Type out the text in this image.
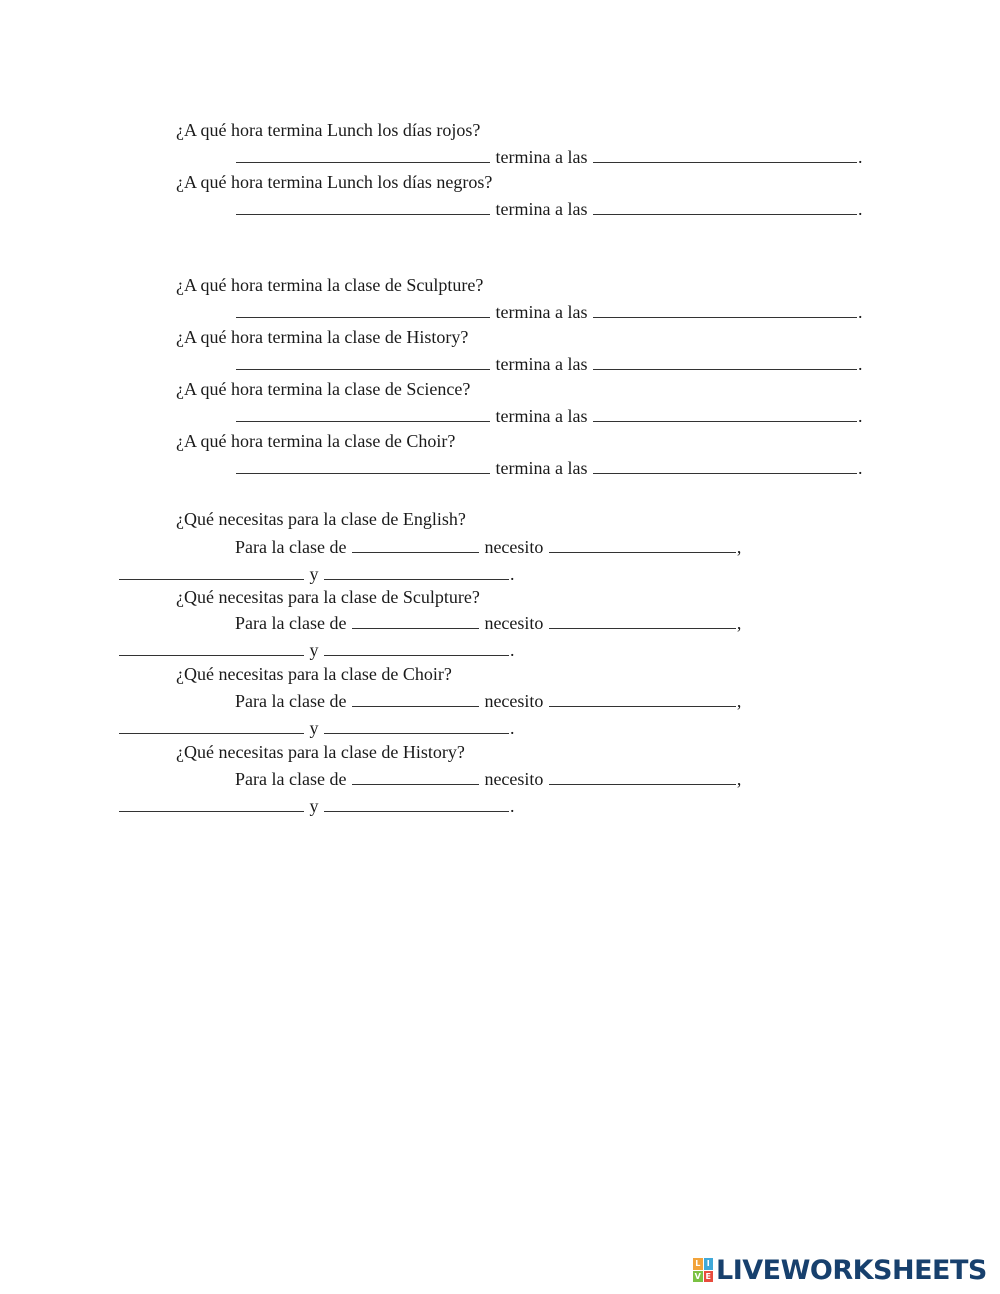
¿A qué hora termina Lunch los días rojos?
termina a las	.
¿A qué hora termina Lunch los días negros?
termina a las	.
¿A qué hora termina la clase de Sculpture?
termina a las	.
¿A qué hora termina la clase de History?
termina a las	.
¿A qué hora termina la clase de Science?
termina a las	.
¿A qué hora termina la clase de Choir?
termina a las	.
¿Qué necesitas para la clase de English?
Para la clase de	necesito	,
y	.
¿Qué necesitas para la clase de Sculpture?
Para la clase de	necesito	,
y	.
¿Qué necesitas para la clase de Choir?
Para la clase de	necesito	,
y	.
¿Qué necesitas para la clase de History?
Para la clase de	necesito	,
y	.
L I
V E LIVEWORKSHEETS
